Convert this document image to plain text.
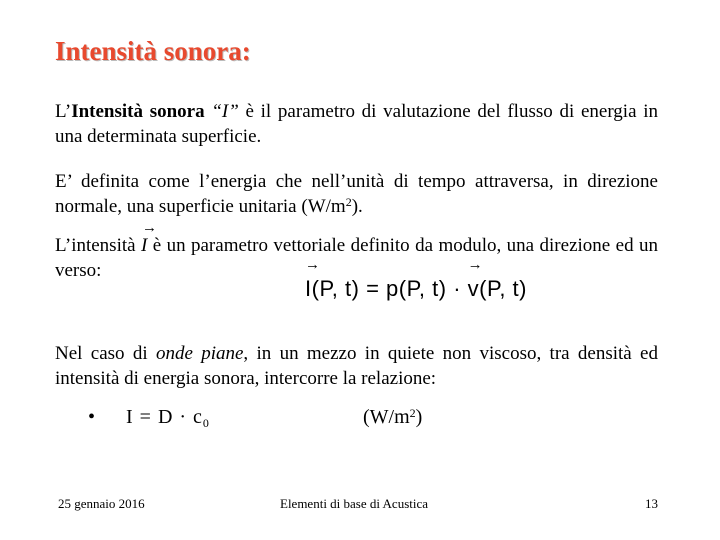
Intensità sonora:
L’Intensità sonora “I” è il parametro di valutazione del flusso di energia in una determinata superficie.
E’ definita come l’energia che nell’unità di tempo attraversa, in direzione normale, una superficie unitaria $(W/m^2)$.
L’intensità → I è un parametro vettoriale definito da modulo, una direzione ed un verso:
→ I(P, t) = p(P, t) · → v(P, t)
Nel caso di onde piane, in un mezzo in quiete non viscoso, tra densità ed intensità di energia sonora, intercorre la relazione:
• $I = D \cdot c_0$	$(W/m^2)$
25 gennaio 2016	Elementi di base di Acustica	13
